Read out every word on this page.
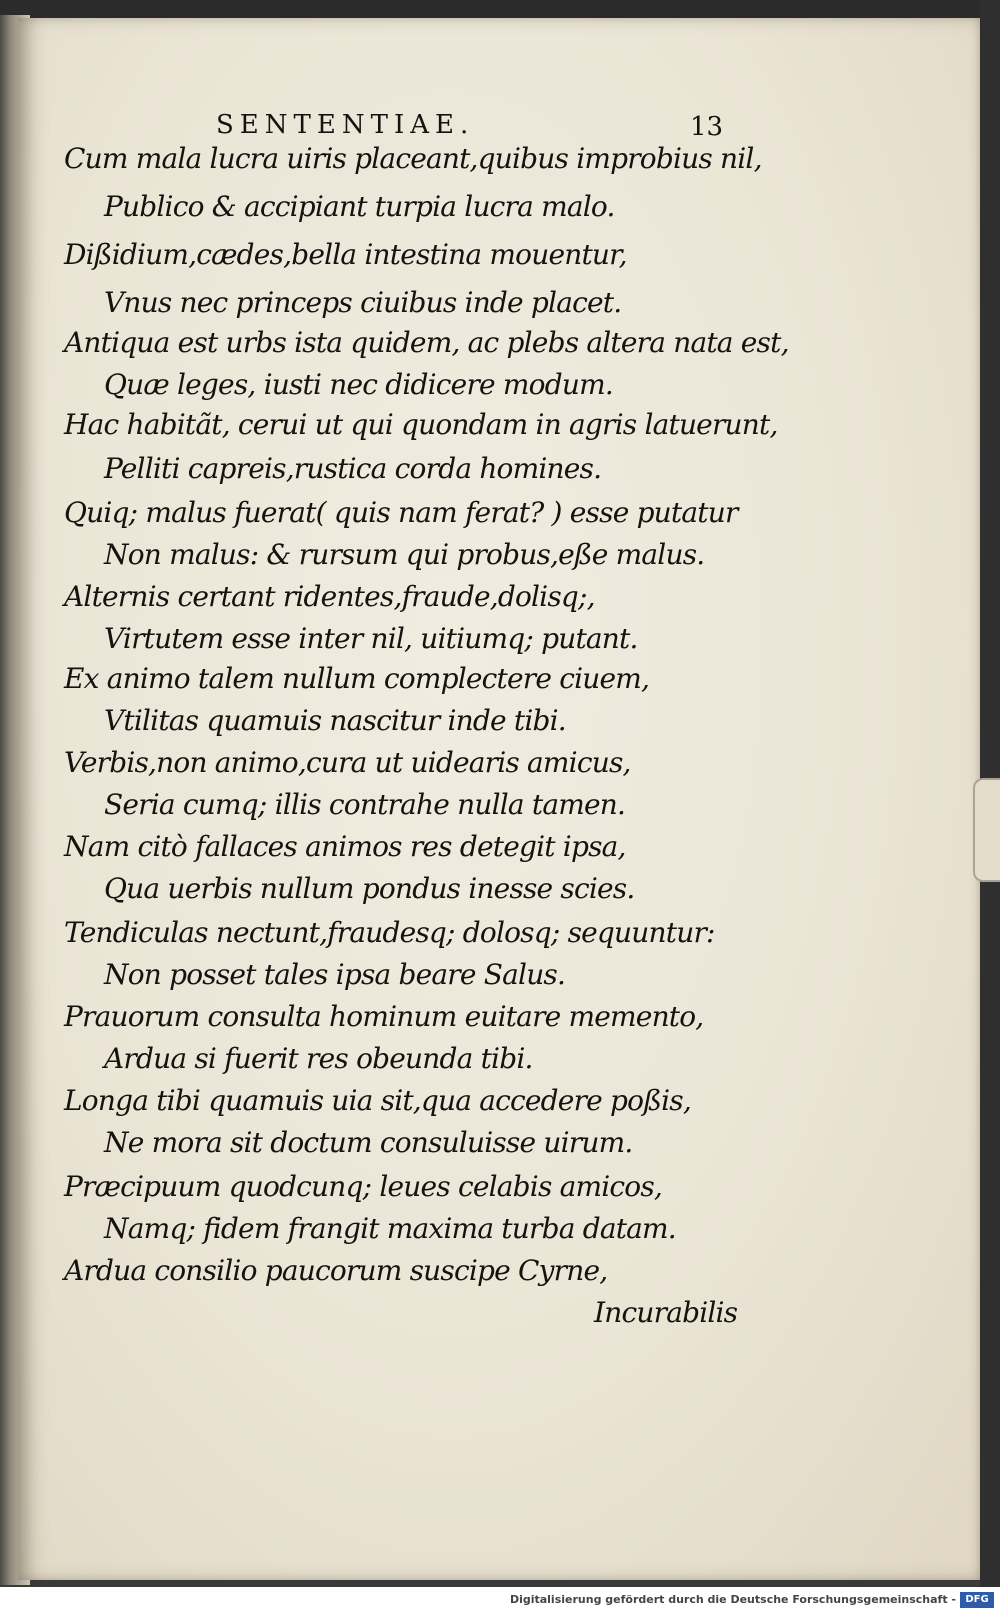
SENTENTIAE.	13
Cum mala lucra uiris placeant,quibus improbius nil,
Publico & accipiant turpia lucra malo.
Dißidium,cædes,bella intestina mouentur,
Vnus nec princeps ciuibus inde placet.
Antiqua est urbs ista quidem, ac plebs altera nata est,
Quæ leges, iusti nec didicere modum.
Hac habitãt, cerui ut qui quondam in agris latuerunt,
Pelliti capreis,rustica corda homines.
Quiq; malus fuerat( quis nam ferat? ) esse putatur
Non malus: & rursum qui probus,eße malus.
Alternis certant ridentes,fraude,dolisq;,
Virtutem esse inter nil, uitiumq; putant.
Ex animo talem nullum complectere ciuem,
Vtilitas quamuis nascitur inde tibi.
Verbis,non animo,cura ut uidearis amicus,
Seria cumq; illis contrahe nulla tamen.
Nam citò fallaces animos res detegit ipsa,
Qua uerbis nullum pondus inesse scies.
Tendiculas nectunt,fraudesq; dolosq; sequuntur:
Non posset tales ipsa beare Salus.
Prauorum consulta hominum euitare memento,
Ardua si fuerit res obeunda tibi.
Longa tibi quamuis uia sit,qua accedere poßis,
Ne mora sit doctum consuluisse uirum.
Præcipuum quodcunq; leues celabis amicos,
Namq; fidem frangit maxima turba datam.
Ardua consilio paucorum suscipe Cyrne,
Incurabilis
Digitalisierung gefördert durch die Deutsche Forschungsgemeinschaft - DFG
